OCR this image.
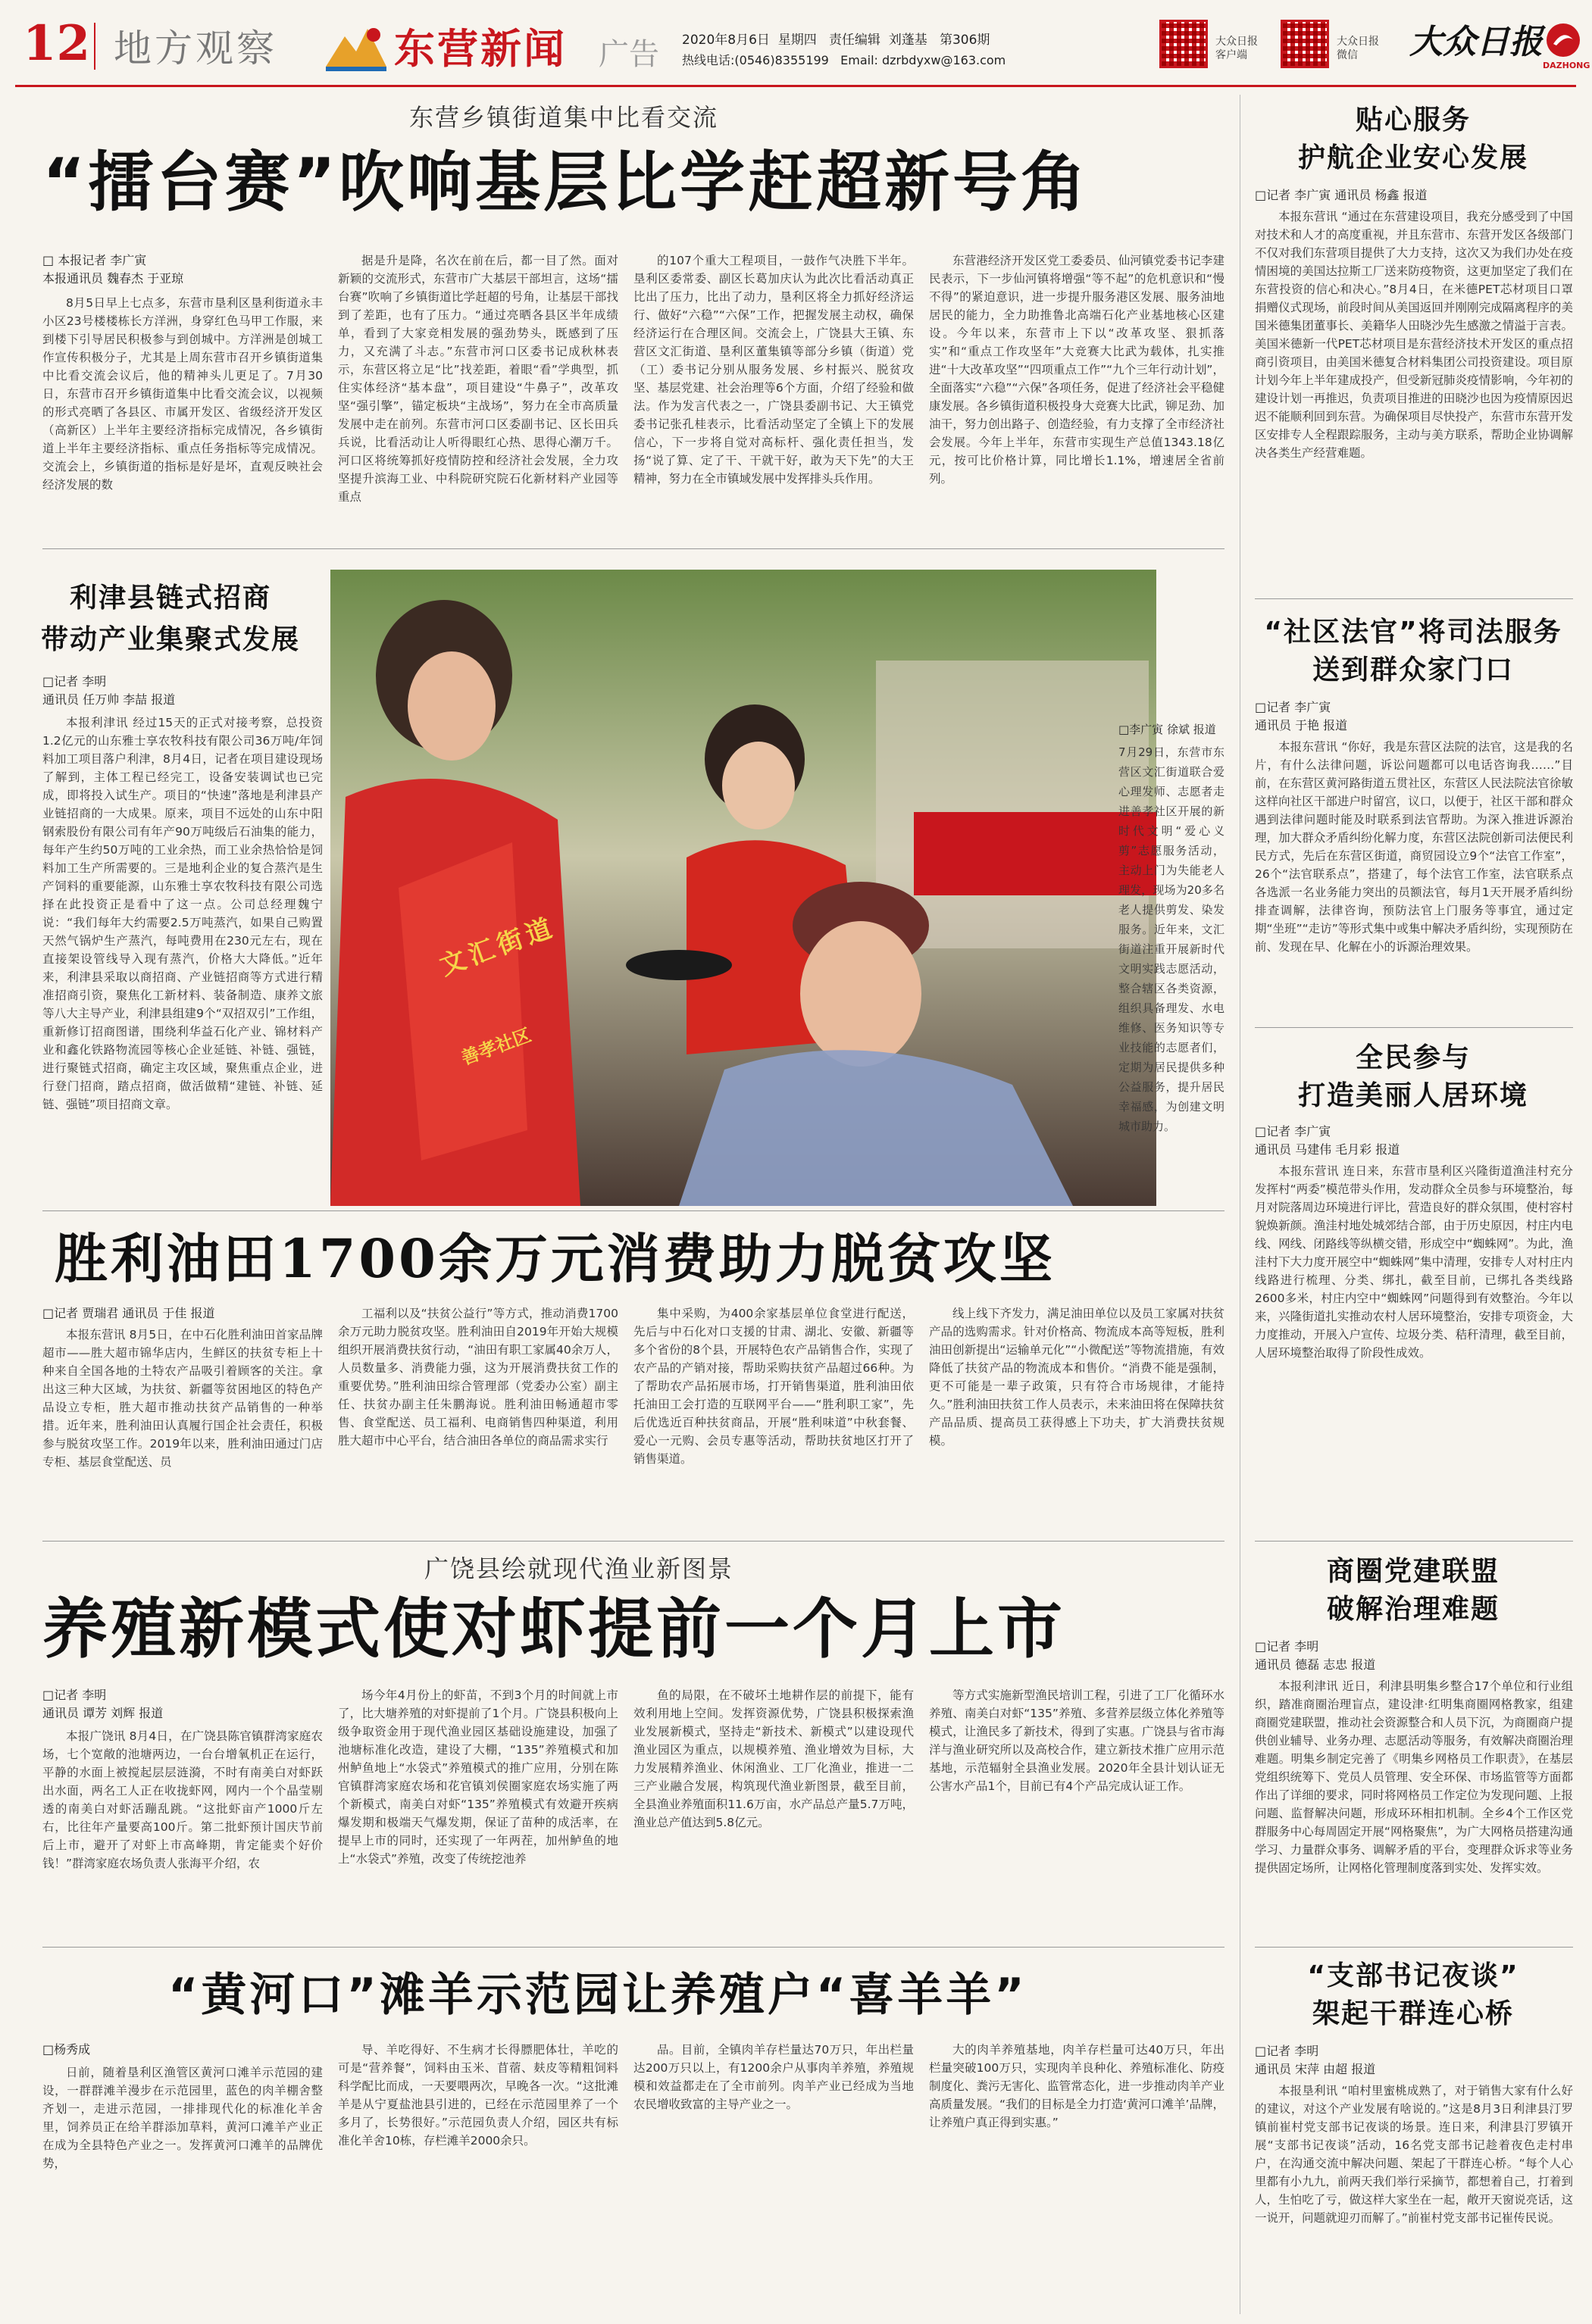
12 地方观察	东营新闻 广告 2020年8月6日 星期四 责任编辑 刘蓬基 第306期
热线电话:(0546)8355199 Email: dzrbdyxw@163.com
大众日报
客户端
大众日报
微信	大众日报
DAZHONG
东营乡镇街道集中比看交流
“擂台赛”吹响基层比学赶超新号角
□ 本报记者 李广寅
本报通讯员 魏春杰 于亚琼
8月5日早上七点多，东营市垦利区垦利街道永丰小区23号楼楼栋长方洋洲，身穿红色马甲工作服，来到楼下引导居民积极参与到创城中。方洋洲是创城工作宣传积极分子，尤其是上周东营市召开乡镇街道集中比看交流会议后，他的精神头儿更足了。7月30日，东营市召开乡镇街道集中比看交流会议，以视频的形式亮晒了各县区、市属开发区、省级经济开发区（高新区）上半年主要经济指标完成情况，各乡镇街道上半年主要经济指标、重点任务指标等完成情况。交流会上，乡镇街道的指标是好是坏，直观反映社会经济发展的数
据是升是降，名次在前在后，都一目了然。面对新颖的交流形式，东营市广大基层干部坦言，这场“擂台赛”吹响了乡镇街道比学赶超的号角，让基层干部找到了差距，也有了压力。“通过亮晒各县区半年成绩单，看到了大家竞相发展的强劲势头，既感到了压力，又充满了斗志。”东营市河口区委书记成秋林表示，东营区将立足“比”找差距，着眼“看”学典型，抓住实体经济“基本盘”，项目建设“牛鼻子”，改革攻坚“强引擎”，锚定板块“主战场”，努力在全市高质量发展中走在前列。东营市河口区委副书记、区长田兵兵说，比看活动让人听得眼红心热、思得心潮万千。河口区将统筹抓好疫情防控和经济社会发展，全力攻坚提升滨海工业、中科院研究院石化新材料产业园等重点
的107个重大工程项目，一鼓作气决胜下半年。垦利区委常委、副区长葛加庆认为此次比看活动真正比出了压力，比出了动力，垦利区将全力抓好经济运行、做好“六稳”“六保”工作，把握发展主动权，确保经济运行在合理区间。交流会上，广饶县大王镇、东营区文汇街道、垦利区董集镇等部分乡镇（街道）党（工）委书记分别从服务发展、乡村振兴、脱贫攻坚、基层党建、社会治理等6个方面，介绍了经验和做法。作为发言代表之一，广饶县委副书记、大王镇党委书记张孔桂表示，比看活动坚定了全镇上下的发展信心，下一步将自觉对高标杆、强化责任担当，发扬“说了算、定了干、干就干好，敢为天下先”的大王精神，努力在全市镇域发展中发挥排头兵作用。
东营港经济开发区党工委委员、仙河镇党委书记李建民表示，下一步仙河镇将增强“等不起”的危机意识和“慢不得”的紧迫意识，进一步提升服务港区发展、服务油地居民的能力，全力助推鲁北高端石化产业基地核心区建设。今年以来，东营市上下以“改革攻坚、狠抓落实”和“重点工作攻坚年”大竞赛大比武为载体，扎实推进“十大改革攻坚”“四项重点工作”“九个三年行动计划”，全面落实“六稳”“六保”各项任务，促进了经济社会平稳健康发展。各乡镇街道积极投身大竞赛大比武，铆足劲、加油干，努力创出路子、创造经验，有力支撑了全市经济社会发展。今年上半年，东营市实现生产总值1343.18亿元，按可比价格计算，同比增长1.1%，增速居全省前列。
利津县链式招商
带动产业集聚式发展
□记者 李明
通讯员 任万帅 李喆 报道
本报利津讯 经过15天的正式对接考察，总投资1.2亿元的山东雅士享农牧科技有限公司36万吨/年饲料加工项目落户利津，8月4日，记者在项目建设现场了解到，主体工程已经完工，设备安装调试也已完成，即将投入试生产。项目的“快速”落地是利津县产业链招商的一大成果。原来，项目不远处的山东中阳钢索股份有限公司有年产90万吨级后石油集的能力，每年产生约50万吨的工业余热，而工业余热恰恰是饲料加工生产所需要的。三是地利企业的复合蒸汽是生产饲料的重要能源，山东雅士享农牧科技有限公司选择在此投资正是看中了这一点。公司总经理魏宁说：“我们每年大约需要2.5万吨蒸汽，如果自己购置天然气锅炉生产蒸汽，每吨费用在230元左右，现在直接架设管线导入现有蒸汽，价格大大降低。”近年来，利津县采取以商招商、产业链招商等方式进行精准招商引资，聚焦化工新材料、装备制造、康养文旅等八大主导产业，利津县组建9个“双招双引”工作组，重新修订招商图谱，围绕利华益石化产业、锦材料产业和鑫化铁路物流园等核心企业延链、补链、强链，进行聚链式招商，确定主攻区域，聚焦重点企业，进行登门招商，踏点招商，做活做精“建链、补链、延链、强链”项目招商文章。
文汇街道
善孝社区
□李广寅 徐斌 报道
7月29日，东营市东营区文汇街道联合爱心理发师、志愿者走进善孝社区开展的新时代文明“爱心义剪”志愿服务活动，主动上门为失能老人理发，现场为20多名老人提供剪发、染发服务。近年来，文汇街道注重开展新时代文明实践志愿活动，整合辖区各类资源，组织具备理发、水电维修、医务知识等专业技能的志愿者们，定期为居民提供多种公益服务，提升居民幸福感，为创建文明城市助力。
胜利油田1700余万元消费助力脱贫攻坚
□记者 贾瑞君 通讯员 于佳 报道
本报东营讯 8月5日，在中石化胜利油田首家品牌超市——胜大超市锦华店内，生鲜区的扶贫专柜上十种来自全国各地的土特农产品吸引着顾客的关注。拿出这三种大区域，为扶贫、新疆等贫困地区的特色产品设立专柜，胜大超市推动扶贫产品销售的一种举措。近年来，胜利油田认真履行国企社会责任，积极参与脱贫攻坚工作。2019年以来，胜利油田通过门店专柜、基层食堂配送、员
工福利以及“扶贫公益行”等方式，推动消费1700余万元助力脱贫攻坚。胜利油田自2019年开始大规模组织开展消费扶贫行动，“油田有职工家属40余万人，人员数量多、消费能力强，这为开展消费扶贫工作的重要优势。”胜利油田综合管理部（党委办公室）副主任、扶贫办副主任朱鹏海说。胜利油田畅通超市零售、食堂配送、员工福利、电商销售四种渠道，利用胜大超市中心平台，结合油田各单位的商品需求实行
集中采购，为400余家基层单位食堂进行配送，先后与中石化对口支援的甘肃、湖北、安徽、新疆等多个省份的8个县，开展特色农产品销售合作，实现了农产品的产销对接，帮助采购扶贫产品超过66种。为了帮助农产品拓展市场，打开销售渠道，胜利油田依托油田工会打造的互联网平台——“胜利职工家”，先后优选近百种扶贫商品，开展“胜利味道”中秋套餐、爱心一元购、会员专惠等活动，帮助扶贫地区打开了销售渠道。
线上线下齐发力，满足油田单位以及员工家属对扶贫产品的选购需求。针对价格高、物流成本高等短板，胜利油田创新提出“运输单元化”“小微配送”等物流措施，有效降低了扶贫产品的物流成本和售价。“消费不能是强制，更不可能是一辈子政策，只有符合市场规律，才能持久。”胜利油田扶贫工作人员表示，未来油田将在保障扶贫产品品质、提高员工获得感上下功夫，扩大消费扶贫规模。
广饶县绘就现代渔业新图景
养殖新模式使对虾提前一个月上市
□记者 李明
通讯员 谭芳 刘辉 报道
本报广饶讯 8月4日，在广饶县陈官镇群湾家庭农场，七个宽敞的池塘两边，一台台增氧机正在运行，平静的水面上被搅起层层涟漪，不时有南美白对虾跃出水面，两名工人正在收拢虾网，网内一个个晶莹剔透的南美白对虾活蹦乱跳。“这批虾亩产1000斤左右，比往年产量要高100斤。第二批虾预计国庆节前后上市，避开了对虾上市高峰期，肯定能卖个好价钱！”群湾家庭农场负责人张海平介绍，农
场今年4月份上的虾苗，不到3个月的时间就上市了，比大塘养殖的对虾提前了1个月。广饶县积极向上级争取资金用于现代渔业园区基础设施建设，加强了池塘标准化改造，建设了大棚，“135”养殖模式和加州鲈鱼地上“水袋式”养殖模式的推广应用，分别在陈官镇群湾家庭农场和花官镇刘侯圈家庭农场实施了两个新模式，南美白对虾“135”养殖模式有效避开疾病爆发期和极端天气爆发期，保证了苗种的成活率，在提早上市的同时，还实现了一年两茬，加州鲈鱼的地上“水袋式”养殖，改变了传统挖池养
鱼的局限，在不破坏土地耕作层的前提下，能有效利用地上空间。发挥资源优势，广饶县积极探索渔业发展新模式，坚持走“新技术、新模式”以建设现代渔业园区为重点，以规模养殖、渔业增效为目标，大力发展精养渔业、休闲渔业、工厂化渔业，推进一二三产业融合发展，构筑现代渔业新图景，截至目前，全县渔业养殖面积11.6万亩，水产品总产量5.7万吨，渔业总产值达到5.8亿元。
等方式实施新型渔民培训工程，引进了工厂化循环水养殖、南美白对虾“135”养殖、多营养层级立体化养殖等模式，让渔民多了新技术，得到了实惠。广饶县与省市海洋与渔业研究所以及高校合作，建立新技术推广应用示范基地，示范辐射全县渔业发展。2020年全县计划认证无公害水产品1个，目前已有4个产品完成认证工作。
“黄河口”滩羊示范园让养殖户“喜羊羊”
□杨秀成
日前，随着垦利区渔管区黄河口滩羊示范园的建设，一群群滩羊漫步在示范园里，蓝色的肉羊棚舍整齐划一，走进示范园，一排排现代化的标准化羊舍里，饲养员正在给羊群添加草料，黄河口滩羊产业正在成为全县特色产业之一。发挥黄河口滩羊的品牌优势，
导、羊吃得好、不生病才长得膘肥体壮，羊吃的可是“营养餐”，饲料由玉米、苜蓿、麸皮等精粗饲料科学配比而成，一天要喂两次，早晚各一次。“这批滩羊是从宁夏盐池县引进的，已经在示范园里养了一个多月了，长势很好。”示范园负责人介绍，园区共有标准化羊舍10栋，存栏滩羊2000余只。
品。目前，全镇肉羊存栏量达70万只，年出栏量达200万只以上，有1200余户从事肉羊养殖，养殖规模和效益都走在了全市前列。肉羊产业已经成为当地农民增收致富的主导产业之一。
大的肉羊养殖基地，肉羊存栏量可达40万只，年出栏量突破100万只，实现肉羊良种化、养殖标准化、防疫制度化、粪污无害化、监管常态化，进一步推动肉羊产业高质量发展。“我们的目标是全力打造‘黄河口滩羊’品牌，让养殖户真正得到实惠。”
贴心服务
护航企业安心发展
□记者 李广寅 通讯员 杨鑫 报道
本报东营讯 “通过在东营建设项目，我充分感受到了中国对技术和人才的高度重视，并且东营市、东营开发区各级部门不仅对我们东营项目提供了大力支持，这次又为我们办处在疫情困境的美国达拉斯工厂送来防疫物资，这更加坚定了我们在东营投资的信心和决心。”8月4日，在米德PET芯材项目口罩捐赠仪式现场，前段时间从美国返回并刚刚完成隔离程序的美国米德集团董事长、美籍华人田晓沙先生感激之情溢于言表。美国米德新一代PET芯材项目是东营经济技术开发区的重点招商引资项目，由美国米德复合材料集团公司投资建设。项目原计划今年上半年建成投产，但受新冠肺炎疫情影响，今年初的建设计划一再推迟，负责项目推进的田晓沙也因为疫情原因迟迟不能顺利回到东营。为确保项目尽快投产，东营市东营开发区安排专人全程跟踪服务，主动与美方联系，帮助企业协调解决各类生产经营难题。
“社区法官”将司法服务
送到群众家门口
□记者 李广寅
通讯员 于艳 报道
本报东营讯 “你好，我是东营区法院的法官，这是我的名片，有什么法律问题，诉讼问题都可以电话咨询我……”目前，在东营区黄河路街道五贯社区，东营区人民法院法官徐敏这样向社区干部进户时留宫，议口，以便于，社区干部和群众遇到法律问题时能及时联系到法官帮助。为深入推进诉源治理，加大群众矛盾纠纷化解力度，东营区法院创新司法便民利民方式，先后在东营区街道，商贸园设立9个“法官工作室”，26个“法官联系点”，搭建了，每个法官工作室，法官联系点各选派一名业务能力突出的员额法官，每月1天开展矛盾纠纷排查调解，法律咨询，预防法官上门服务等事宜，通过定期“坐班”“走访”等形式集中或集中解决矛盾纠纷，实现预防在前、发现在早、化解在小的诉源治理效果。
全民参与
打造美丽人居环境
□记者 李广寅
通讯员 马建伟 毛月彩 报道
本报东营讯 连日来，东营市垦利区兴隆街道渔洼村充分发挥村“两委”模范带头作用，发动群众全员参与环境整治，每月对院落周边环境进行评比，营造良好的群众氛围，使村容村貌焕新颜。渔洼村地处城郊结合部，由于历史原因，村庄内电线、网线、闭路线等纵横交错，形成空中“蜘蛛网”。为此，渔洼村下大力度开展空中“蜘蛛网”集中清理，安排专人对村庄内线路进行梳理、分类、绑扎，截至目前，已绑扎各类线路2600多米，村庄内空中“蜘蛛网”问题得到有效整治。今年以来，兴隆街道扎实推动农村人居环境整治，安排专项资金，大力度推动，开展入户宣传、垃圾分类、秸秆清理，截至目前，人居环境整治取得了阶段性成效。
商圈党建联盟
破解治理难题
□记者 李明
通讯员 德磊 志忠 报道
本报利津讯 近日，利津县明集乡整合17个单位和行业组织，踏准商圈治理盲点，建设津·红明集商圈网格教家，组建商圈党建联盟，推动社会资源整合和人员下沉，为商圈商户提供创业辅导、业务办理、志愿活动等服务，有效解决商圈治理难题。明集乡制定完善了《明集乡网格员工作职责》，在基层党组织统筹下、党员人员管理、安全环保、市场监管等方面都作出了详细的要求，同时将网格员工作定位为发现问题、上报问题、监督解决问题，形成环环相扣机制。全乡4个工作区党群服务中心每周固定开展“网格聚焦”，为广大网格员搭建沟通学习、力量群众事务、调解矛盾的平台，变理群众诉求等业务提供固定场所，让网格化管理制度落到实处、发挥实效。
“支部书记夜谈”
架起干群连心桥
□记者 李明
通讯员 宋萍 由超 报道
本报垦利讯 “咱村里蜜桃成熟了，对于销售大家有什么好的建议，对这个产业发展有啥说的。”这是8月3日利津县汀罗镇前崔村党支部书记夜谈的场景。连日来，利津县汀罗镇开展“支部书记夜谈”活动，16名党支部书记趁着夜色走村串户，在沟通交流中解决问题、架起了干群连心桥。“每个人心里都有小九九，前两天我们举行采摘节，都想着自己，打着到人，生怕吃了亏，做这样大家坐在一起，敞开天窗说亮话，这一说开，问题就迎刃而解了。”前崔村党支部书记崔传民说。
